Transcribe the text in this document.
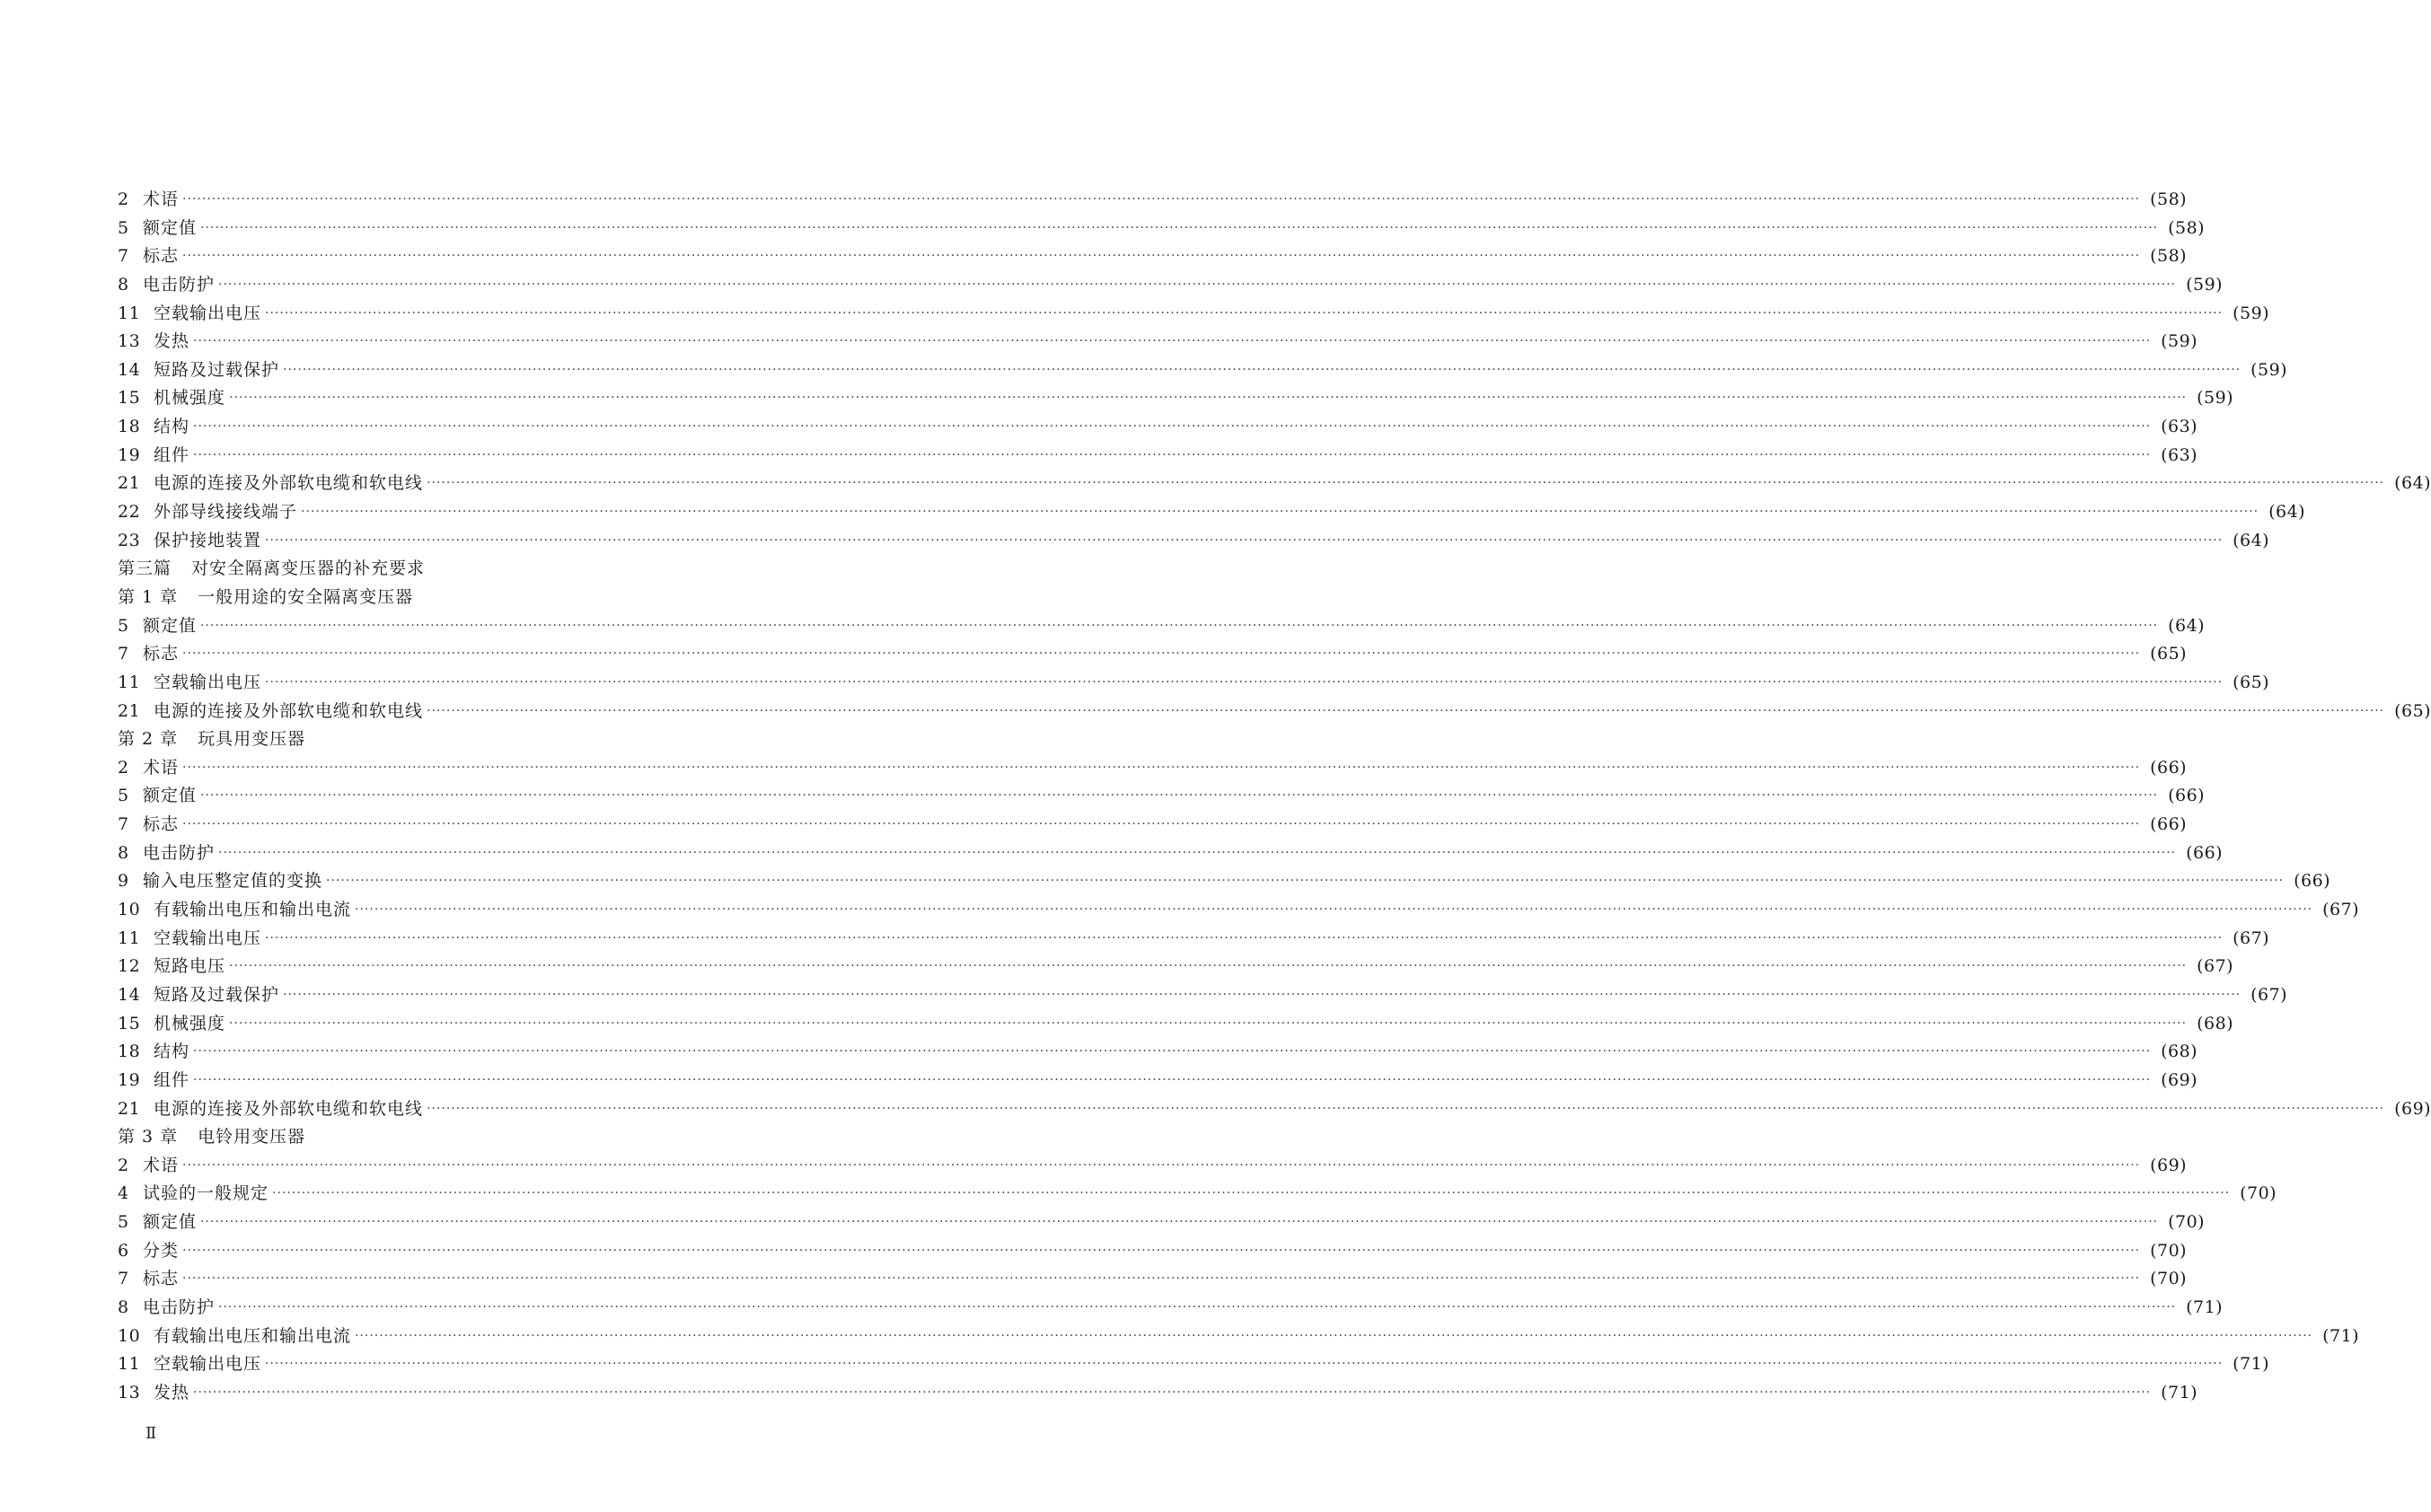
2 术语 ················································································································································································································································································································································································································ (58)
5 额定值 ················································································································································································································································································································································································································ (58)
7 标志 ················································································································································································································································································································································································································ (58)
8 电击防护 ················································································································································································································································································································································································································ (59)
11 空载输出电压 ················································································································································································································································································································································································································ (59)
13 发热 ················································································································································································································································································································································································································ (59)
14 短路及过载保护 ················································································································································································································································································································································································································ (59)
15 机械强度 ················································································································································································································································································································································································································ (59)
18 结构 ················································································································································································································································································································································································································ (63)
19 组件 ················································································································································································································································································································································································································ (63)
21 电源的连接及外部软电缆和软电线 ················································································································································································································································································································································································································ (64)
22 外部导线接线端子 ················································································································································································································································································································································································································ (64)
23 保护接地装置 ················································································································································································································································································································································································································ (64)
第三篇 对安全隔离变压器的补充要求
第 1 章 一般用途的安全隔离变压器
5 额定值 ················································································································································································································································································································································································································ (64)
7 标志 ················································································································································································································································································································································································································ (65)
11 空载输出电压 ················································································································································································································································································································································································································ (65)
21 电源的连接及外部软电缆和软电线 ················································································································································································································································································································································································································ (65)
第 2 章 玩具用变压器
2 术语 ················································································································································································································································································································································································································ (66)
5 额定值 ················································································································································································································································································································································································································ (66)
7 标志 ················································································································································································································································································································································································································ (66)
8 电击防护 ················································································································································································································································································································································································································ (66)
9 输入电压整定值的变换 ················································································································································································································································································································································································································ (66)
10 有载输出电压和输出电流 ················································································································································································································································································································································································································ (67)
11 空载输出电压 ················································································································································································································································································································································································································ (67)
12 短路电压 ················································································································································································································································································································································································································ (67)
14 短路及过载保护 ················································································································································································································································································································································································································ (67)
15 机械强度 ················································································································································································································································································································································································································ (68)
18 结构 ················································································································································································································································································································································································································ (68)
19 组件 ················································································································································································································································································································································································································ (69)
21 电源的连接及外部软电缆和软电线 ················································································································································································································································································································································································································ (69)
第 3 章 电铃用变压器
2 术语 ················································································································································································································································································································································································································ (69)
4 试验的一般规定 ················································································································································································································································································································································································································ (70)
5 额定值 ················································································································································································································································································································································································································ (70)
6 分类 ················································································································································································································································································································································································································ (70)
7 标志 ················································································································································································································································································································································································································ (70)
8 电击防护 ················································································································································································································································································································································································································ (71)
10 有载输出电压和输出电流 ················································································································································································································································································································································································································ (71)
11 空载输出电压 ················································································································································································································································································································································································································ (71)
13 发热 ················································································································································································································································································································································································································ (71)
Ⅱ
